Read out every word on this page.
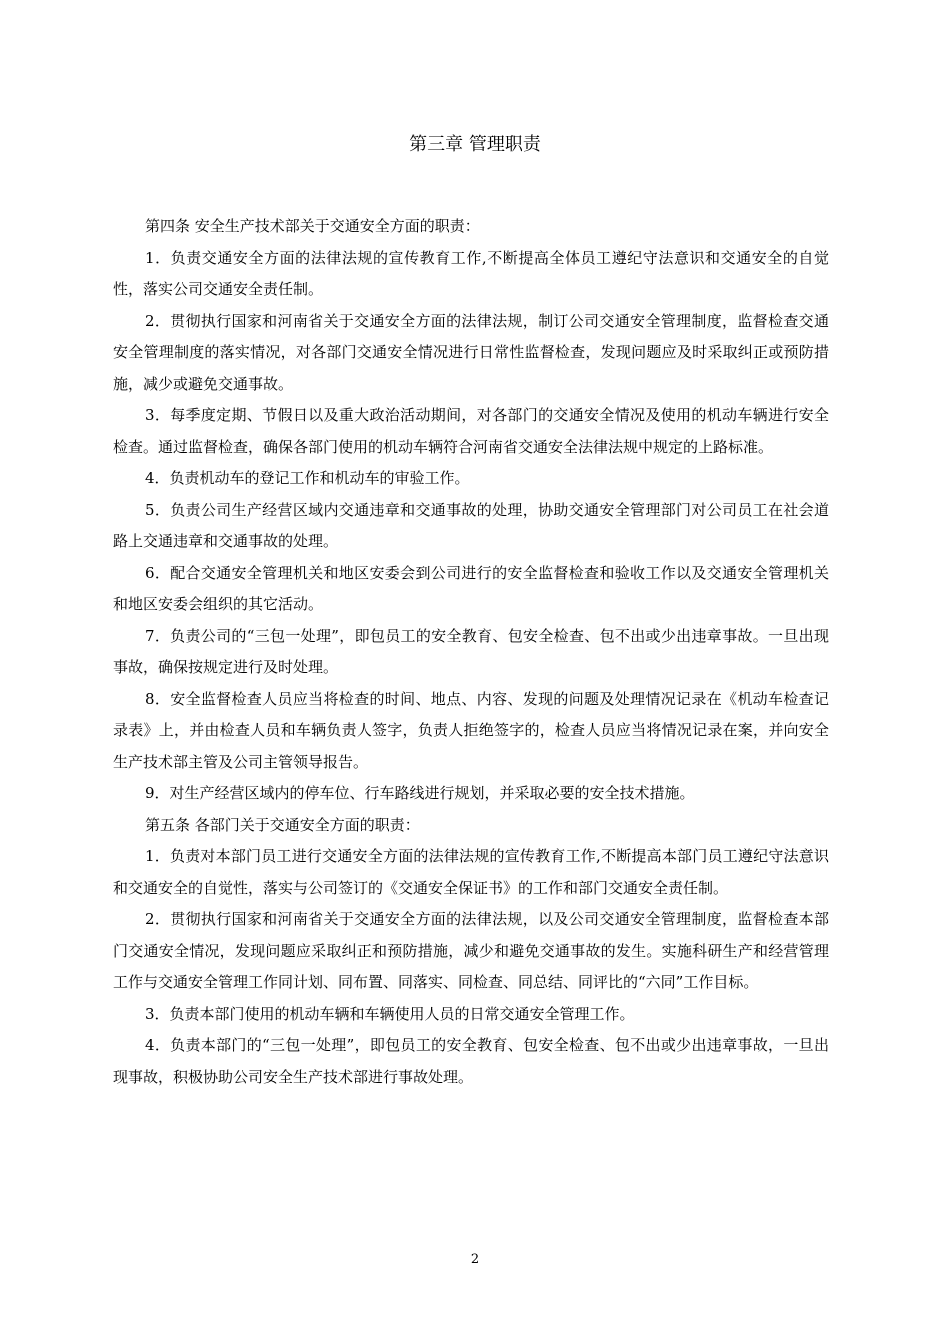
第三章 管理职责

第四条 安全生产技术部关于交通安全方面的职责：

1．负责交通安全方面的法律法规的宣传教育工作,不断提高全体员工遵纪守法意识和交通安全的自觉性，落实公司交通安全责任制。

2．贯彻执行国家和河南省关于交通安全方面的法律法规，制订公司交通安全管理制度，监督检查交通安全管理制度的落实情况，对各部门交通安全情况进行日常性监督检查，发现问题应及时采取纠正或预防措施，减少或避免交通事故。

3．每季度定期、节假日以及重大政治活动期间，对各部门的交通安全情况及使用的机动车辆进行安全检查。通过监督检查，确保各部门使用的机动车辆符合河南省交通安全法律法规中规定的上路标准。

4．负责机动车的登记工作和机动车的审验工作。

5．负责公司生产经营区域内交通违章和交通事故的处理，协助交通安全管理部门对公司员工在社会道路上交通违章和交通事故的处理。

6．配合交通安全管理机关和地区安委会到公司进行的安全监督检查和验收工作以及交通安全管理机关和地区安委会组织的其它活动。

7．负责公司的“三包一处理”，即包员工的安全教育、包安全检查、包不出或少出违章事故。一旦出现事故，确保按规定进行及时处理。

8．安全监督检查人员应当将检查的时间、地点、内容、发现的问题及处理情况记录在《机动车检查记录表》上，并由检查人员和车辆负责人签字，负责人拒绝签字的，检查人员应当将情况记录在案，并向安全生产技术部主管及公司主管领导报告。

9．对生产经营区域内的停车位、行车路线进行规划，并采取必要的安全技术措施。

第五条 各部门关于交通安全方面的职责：

1．负责对本部门员工进行交通安全方面的法律法规的宣传教育工作,不断提高本部门员工遵纪守法意识和交通安全的自觉性，落实与公司签订的《交通安全保证书》的工作和部门交通安全责任制。

2．贯彻执行国家和河南省关于交通安全方面的法律法规，以及公司交通安全管理制度，监督检查本部门交通安全情况，发现问题应采取纠正和预防措施，减少和避免交通事故的发生。实施科研生产和经营管理工作与交通安全管理工作同计划、同布置、同落实、同检查、同总结、同评比的“六同”工作目标。

3．负责本部门使用的机动车辆和车辆使用人员的日常交通安全管理工作。

4．负责本部门的“三包一处理”，即包员工的安全教育、包安全检查、包不出或少出违章事故，一旦出现事故，积极协助公司安全生产技术部进行事故处理。

2
